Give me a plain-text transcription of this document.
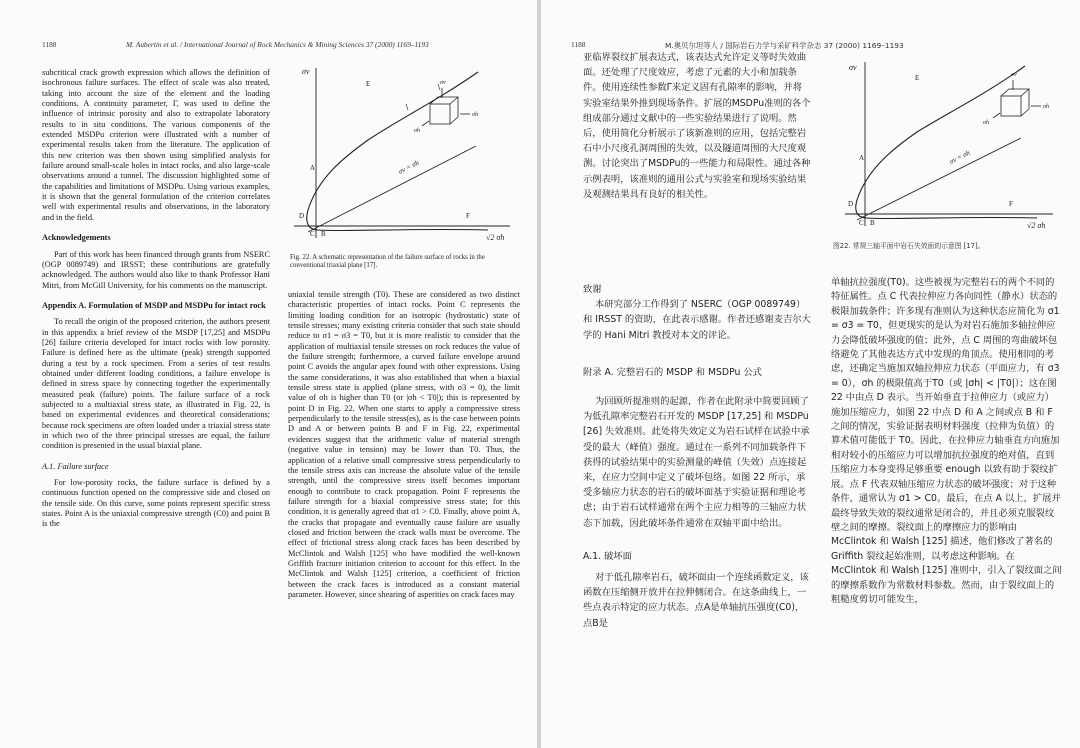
1188	M. Aubertin et al. / International Journal of Rock Mechanics & Mining Sciences 37 (2000) 1169–1193
subcritical crack growth expression which allows the definition of isochronous failure surfaces. The effect of scale was also treated, taking into account the size of the element and the loading conditions. A continuity parameter, Γ, was used to define the influence of intrinsic porosity and also to extrapolate laboratory results to in situ conditions. The various components of the extended MSDPu criterion were illustrated with a number of experimental results taken from the literature. The application of this new criterion was then shown using simplified analysis for failure around small-scale holes in intact rocks, and also large-scale observations around a tunnel. The discussion highlighted some of the capabilities and limitations of MSDPu. Using various examples, it is shown that the general formulation of the criterion correlates well with experimental results and observations, in the laboratory and in the field.
Acknowledgements
Part of this work has been financed through grants from NSERC (OGP 0089749) and IRSST; these contributions are gratefully acknowledged. The authors would also like to thank Professor Hani Mitri, from McGill University, for his comments on the manuscript.
Appendix A. Formulation of MSDP and MSDPu for intact rock
To recall the origin of the proposed criterion, the authors present in this appendix a brief review of the MSDP [17,25] and MSDPu [26] failure criteria developed for intact rocks with low porosity. Failure is defined here as the ultimate (peak) strength supported during a test by a rock specimen. From a series of test results obtained under different loading conditions, a failure envelope is defined in stress space by connecting together the experimentally measured peak (failure) points. The failure surface of a rock subjected to a multiaxial stress state, as illustrated in Fig. 22, is based on experimental evidences and theoretical considerations; because rock specimens are often loaded under a triaxial stress state in which two of the three principal stresses are equal, the failure condition is presented in the usual biaxial plane.
A.1. Failure surface
For low-porosity rocks, the failure surface is defined by a continuous function opened on the compressive side and closed on the tensile side. On this curve, some points represent specific stress states. Point A is the uniaxial compressive strength (C0) and point B is the
σv
√2 σh
σv = σh
E
A
D
C B
F
σv
σh
σh
Fig. 22. A schematic representation of the failure surface of rocks in the conventional triaxial plane [17].
uniaxial tensile strength (T0). These are considered as two distinct characteristic properties of intact rocks. Point C represents the limiting loading condition for an isotropic (hydrostatic) state of tensile stresses; many existing criteria consider that such state should reduce to σ1 = σ3 = T0, but it is more realistic to consider that the application of multiaxial tensile stresses on rock reduces the value of the failure strength; furthermore, a curved failure envelope around point C avoids the angular apex found with other expressions. Using the same considerations, it was also established that when a biaxial tensile stress state is applied (plane stress, with σ3 = 0), the limit value of σh is higher than T0 (or |σh < T0|); this is represented by point D in Fig. 22. When one starts to apply a compressive stress perpendicularly to the tensile stress(es), as is the case between points D and A or between points B and F in Fig. 22, experimental evidences suggest that the arithmetic value of material strength (negative value in tension) may be lower than T0. Thus, the application of a relative small compressive stress perpendicularly to the tensile stress axis can increase the absolute value of the tensile strength, until the compressive stress itself becomes important enough to contribute to crack propagation. Point F represents the failure strength for a biaxial compressive stress state; for this condition, it is generally agreed that σ1 > C0. Finally, above point A, the cracks that propagate and eventually cause failure are usually closed and friction between the crack walls must be overcome. The effect of frictional stress along crack faces has been described by McClintok and Walsh [125] who have modified the well-known Griffith fracture initiation criterion to account for this effect. In the McClintok and Walsh [125] criterion, a coefficient of friction between the crack faces is introduced as a constant material parameter. However, since shearing of asperities on crack faces may
1188	M.奥贝尔坦等人 / 国际岩石力学与采矿科学杂志 37 (2000) 1169–1193
亚临界裂纹扩展表达式，该表达式允许定义等时失效曲面。还处理了尺度效应，考虑了元素的大小和加载条件。使用连续性参数Γ来定义固有孔隙率的影响，并将实验室结果外推到现场条件。扩展的MSDPu准则的各个组成部分通过文献中的一些实验结果进行了说明。然后，使用简化分析展示了该新准则的应用，包括完整岩石中小尺度孔洞周围的失效，以及隧道周围的大尺度观测。讨论突出了MSDPu的一些能力和局限性。通过各种示例表明，该准则的通用公式与实验室和现场实验结果及观测结果具有良好的相关性。
σv
√2 σh
σv = σh
E
A
D
C B
F
σv
σh
σh
图22. 常规三轴平面中岩石失效面的示意图 [17]。
致谢
本研究部分工作得到了 NSERC（OGP 0089749）和 IRSST 的资助，在此表示感谢。作者还感谢麦吉尔大学的 Hani Mitri 教授对本文的评论。
附录 A. 完整岩石的 MSDP 和 MSDPu 公式
为回顾所提准则的起源，作者在此附录中简要回顾了为低孔隙率完整岩石开发的 MSDP [17,25] 和 MSDPu [26] 失效准则。此处将失效定义为岩石试样在试验中承受的最大（峰值）强度。通过在一系列不同加载条件下获得的试验结果中的实验测量的峰值（失效）点连接起来，在应力空间中定义了破坏包络。如图 22 所示，承受多轴应力状态的岩石的破坏面基于实验证据和理论考虑；由于岩石试样通常在两个主应力相等的三轴应力状态下加载，因此破坏条件通常在双轴平面中给出。
A.1. 破坏面
对于低孔隙率岩石，破坏面由一个连续函数定义，该函数在压缩侧开放并在拉伸侧闭合。在这条曲线上，一些点表示特定的应力状态。点A是单轴抗压强度(C0)，点B是
单轴抗拉强度(T0)。这些被视为完整岩石的两个不同的特征属性。点 C 代表拉伸应力各向同性（静水）状态的极限加载条件；许多现有准则认为这种状态应简化为 σ1 = σ3 = T0，但更现实的是认为对岩石施加多轴拉伸应力会降低破坏强度的值；此外，点 C 周围的弯曲破坏包络避免了其他表达方式中发现的角顶点。使用相同的考虑，还确定当施加双轴拉伸应力状态（平面应力，有 σ3 = 0），σh 的极限值高于T0（或 |σh| < |T0|）；这在图 22 中由点 D 表示。当开始垂直于拉伸应力（或应力）施加压缩应力，如图 22 中点 D 和 A 之间或点 B 和 F 之间的情况，实验证据表明材料强度（拉伸为负值）的算术值可能低于 T0。因此，在拉伸应力轴垂直方向施加相对较小的压缩应力可以增加抗拉强度的绝对值，直到压缩应力本身变得足够重要 enough 以致有助于裂纹扩展。点 F 代表双轴压缩应力状态的破坏强度；对于这种条件，通常认为 σ1 > C0。最后，在点 A 以上，扩展并最终导致失效的裂纹通常是闭合的，并且必须克服裂纹壁之间的摩擦。裂纹面上的摩擦应力的影响由 McClintok 和 Walsh [125] 描述，他们修改了著名的 Griffith 裂纹起始准则，以考虑这种影响。在 McClintok 和 Walsh [125] 准则中，引入了裂纹面之间的摩擦系数作为常数材料参数。然而，由于裂纹面上的粗糙度剪切可能发生，
